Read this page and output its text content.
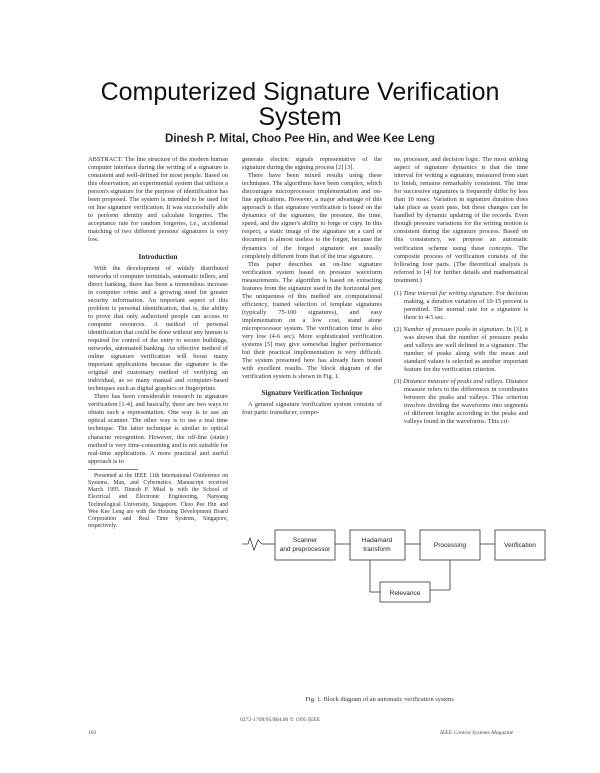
Computerized Signature Verification
System
Dinesh P. Mital, Choo Pee Hin, and Wee Kee Leng

ABSTRACT: The line structure of the modern human computer interface during the writing of a signature is consistent and well-defined for most people. Based on this observation, an experimental system that utilizes a person's signature for the purpose of identification has been proposed. The system is intended to be used for on line signature verification. It was successfully able to perform identity and calculate forgeries. The acceptance rate for random forgeries, i.e., accidental matching of two different persons' signatures is very low.

Introduction

With the development of widely distributed networks of computer terminals, automatic tellers, and direct banking, there has been a tremendous increase in computer crime and a growing need for greater security information. An important aspect of this problem is personal identification, that is, the ability to prove that only authorized people can access to computer resources. A method of personal identification that could be done without any human is required for control of the entry to secure buildings, networks, automated banking. An effective method of online signature verification will boost many important applications because the signature is the original and customary method of verifying an individual, as so many manual and computer-based techniques such as digital graphics or fingerprints.

There has been considerable research in signature verification [1-4], and basically, there are two ways to obtain such a representation. One way is to use an optical scanner. The other way is to use a real time technique. The latter technique is similar to optical character recognition. However, the off-line (static) method is very time-consuming and is not suitable for real-time applications. A more practical and useful approach is to

Presented at the IEEE 11th International Conference on Systems, Man, and Cybernetics. Manuscript received March 1995. Dinesh P. Mital is with the School of Electrical and Electronic Engineering, Nanyang Technological University, Singapore. Choo Pee Hin and Wee Kee Leng are with the Housing Development Board Corporation and Real Time Systems, Singapore, respectively.

generate electric signals representative of the signature during the signing process [2] [3].

There have been mixed results using these techniques. The algorithms have been complex, which discourages microprocessor implementation and on-line applications. However, a major advantage of this approach is that signature verification is based on the dynamics of the signature, the pressure, the time, speed, and the signer's ability to forge or copy. In this respect, a static image of the signature on a card or document is almost useless to the forger, because the dynamics of the forged signature are usually completely different from that of the true signature.

This paper describes an on-line signature verification system based on pressure waveform measurements. The algorithm is based on extracting features from the signature used in the horizontal pen. The uniqueness of this method are computational efficiency, trained selection of template signatures (typically 75-100 signatures), and easy implementation on a low cost, stand alone microprocessor system. The verification time is also very low (4-6 sec). More sophisticated verification systems [5] may give somewhat higher performance but their practical implementation is very difficult. The system presented here has already been tested with excellent results. The block diagram of the verification system is shown in Fig. 1.

Signature Verification Technique

A general signature verification system consists of four parts: transducer, compo-

ne, processor, and decision logic. The most striking aspect of signature dynamics is that the time interval for writing a signature, measured from start to finish, remains remarkably consistent. The time for successive signatures is frequently differ by less than 10 msec. Variation in signature duration does take place as years pass, but these changes can be handled by dynamic updating of the records. Even though pressure variations for the writing motion is consistent during the signature process. Based on this consistency, we propose an automatic verification scheme using these concepts. The composite process of verification consists of the following four parts. (The theoretical analysis is referred to [4] for further details and mathematical treatment.)

(1) Time interval for writing signature. For decision making, a duration variation of 10-15 percent is permitted. The normal rate for a signature is three to 4-5 sec.

(2) Number of pressure peaks in signature. In [3], it was shown that the number of pressure peaks and valleys are well defined in a signature. The number of peaks along with the mean and standard values is selected as another important feature for the verification criterion.

(3) Distance measure of peaks and valleys. Distance measure refers to the differences in coordinates between the peaks and valleys. This criterion involves dividing the waveforms into segments of different lengths according to the peaks and valleys found in the waveforms. This cri-

Scanner
and preprocessor
Hadamard
transform
Processing	Verification
Relevance
Fig. 1. Block diagram of an automatic verification system.
0272-1708/95/$04.00 © 1995 IEEE
102	IEEE Control Systems Magazine
